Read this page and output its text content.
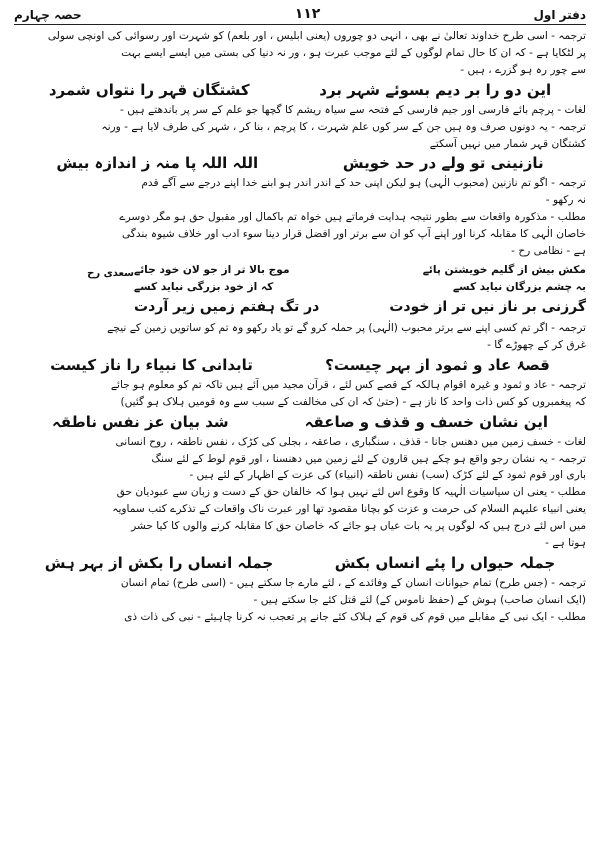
دفتر اول
۱۱۲
حصہ چہارم
ترجمہ - اسی طرح خداوند تعالیٰ نے بھی ، انہی دو چوروں (یعنی ابلیس ، اور بلعم) کو شہرت اور رسوائی کی اونچی سولی
پر لٹکایا ہے - کہ ان کا حال تمام لوگوں کے لئے موجب عبرت ہو ، ور نہ دنیا کی بستی میں ایسے ایسے بہت
سے چور رہ ہو گزرے ، ہیں -
این دو را بر دیم بسوئے شہر برد
کشتگان قہر را نتواں شمرد
لغات - پرچم بائے فارسی اور جیم فارسی کے فتحہ سے سیاہ ریشم کا گچھا جو علم کے سر پر باندھتے ہیں -
ترجمہ - یہ دونوں صرف وہ ہیں جن کے سر کوں علم شہرت ، کا پرچم ، بنا کر ، شہر کی طرف لایا ہے - ورنہ
کشتگان قہر شمار میں نہیں آسکتے
نازنینی تو ولے در حد خویش
اللہ اللہ پا منہ ز اندازہ بیش
ترجمہ - اگو تم نازنین (محبوب الٰہی) ہو لیکن اپنی حد کے اندر اندر ہو ابنے خدا اپنے درجے سے آگے قدم
نہ رکھو -
مطلب - مذکورہ واقعات سے بطور نتیجہ ہدایت فرماتے ہیں خواہ تم باکمال اور مقبول حق ہو مگر دوسرے
خاصان الٰہی کا مقابلہ کرنا اور اپنے آپ کو ان سے برتر اور افضل قرار دینا سوء ادب اور خلاف شیوہ بندگی
ہے - نظامی رح -
مکش بیش از گلیم خویشتن پائے
موج بالا تر از جو لان خود جائے
بہ چشم بزرگان نیاید کسے
کہ از خود بزرگی نیاید کسے
گرزنی بر ناز نیں تر از خودت
در تگ ہفتم زمیں زیر آردت
سعدی رح
ترجمہ - اگر تم کسی اپنے سے برتر محبوب (الٰہی) پر حملہ کرو گے تو یاد رکھو وہ تم کو ساتویں زمین کے نیچے
غرق کر کے چھوڑے گا -
قصۂ عاد و ثمود از بہر چیست؟
تابدانی کا نبیاء را ناز کیست
ترجمہ - عاد و ثمود و غیرہ اقوام ہالکہ کے قصے کس لئے ، قرآن مجید میں آئے ہیں تاکہ تم کو معلوم ہو جائے
کہ پیغمبروں کو کس ذات واحد کا ناز ہے - (حتیٰ کہ ان کی مخالفت کے سبب سے وہ قومیں ہلاک ہو گئیں)
این نشان خسف و قذف و صاعقہ
شد بیان عز نفس ناطقہ
لغات - خسف زمین میں دھنس جانا - قذف ، سنگباری ، صاعقہ ، بجلی کی کڑک ، نفس ناطقہ ، روح انسانی
ترجمہ - یہ نشان رجو واقع ہو چکے ہیں قارون کے لئے زمین میں دھنسنا ، اور قوم لوط کے لئے سنگ
باری اور قوم ثمود کے لئے کڑک (سب) نفس ناطقہ (انبیاء) کی عزت کے اظہار کے لئے ہیں -
مطلب - یعنی ان سیاسیات الٰہیہ کا وقوع اس لئے نہیں ہوا کہ خالفان حق کے دست و زبان سے عبودیان حق
یعنی انبیاء علیہم السلام کی حرمت و عزت کو بچانا مقصود تھا اور عبرت ناک واقعات کے تذکرے کتب سماویہ
میں اس لئے درج ہیں کہ لوگوں پر یہ بات عیاں ہو جائے کہ خاصان حق کا مقابلہ کرنے والوں کا کیا حشر
ہوتا ہے -
جملہ حیواں را پئے انساں بکش
جملہ انساں را بکش از بہر ہش
ترجمہ - (جس طرح) تمام حیوانات انسان کے وفائدے کے ، لئے مارے جا سکتے ہیں - (اسی طرح) تمام انسان
(ایک انسان صاحب) ہوش کے (حفظ ناموس کے) لئے قتل کئے جا سکتے ہیں -
مطلب - ایک نبی کے مقابلے میں قوم کی قوم کے ہلاک کئے جانے پر تعجب نہ کرنا چاہیئے - نبی کی ذات ذی
